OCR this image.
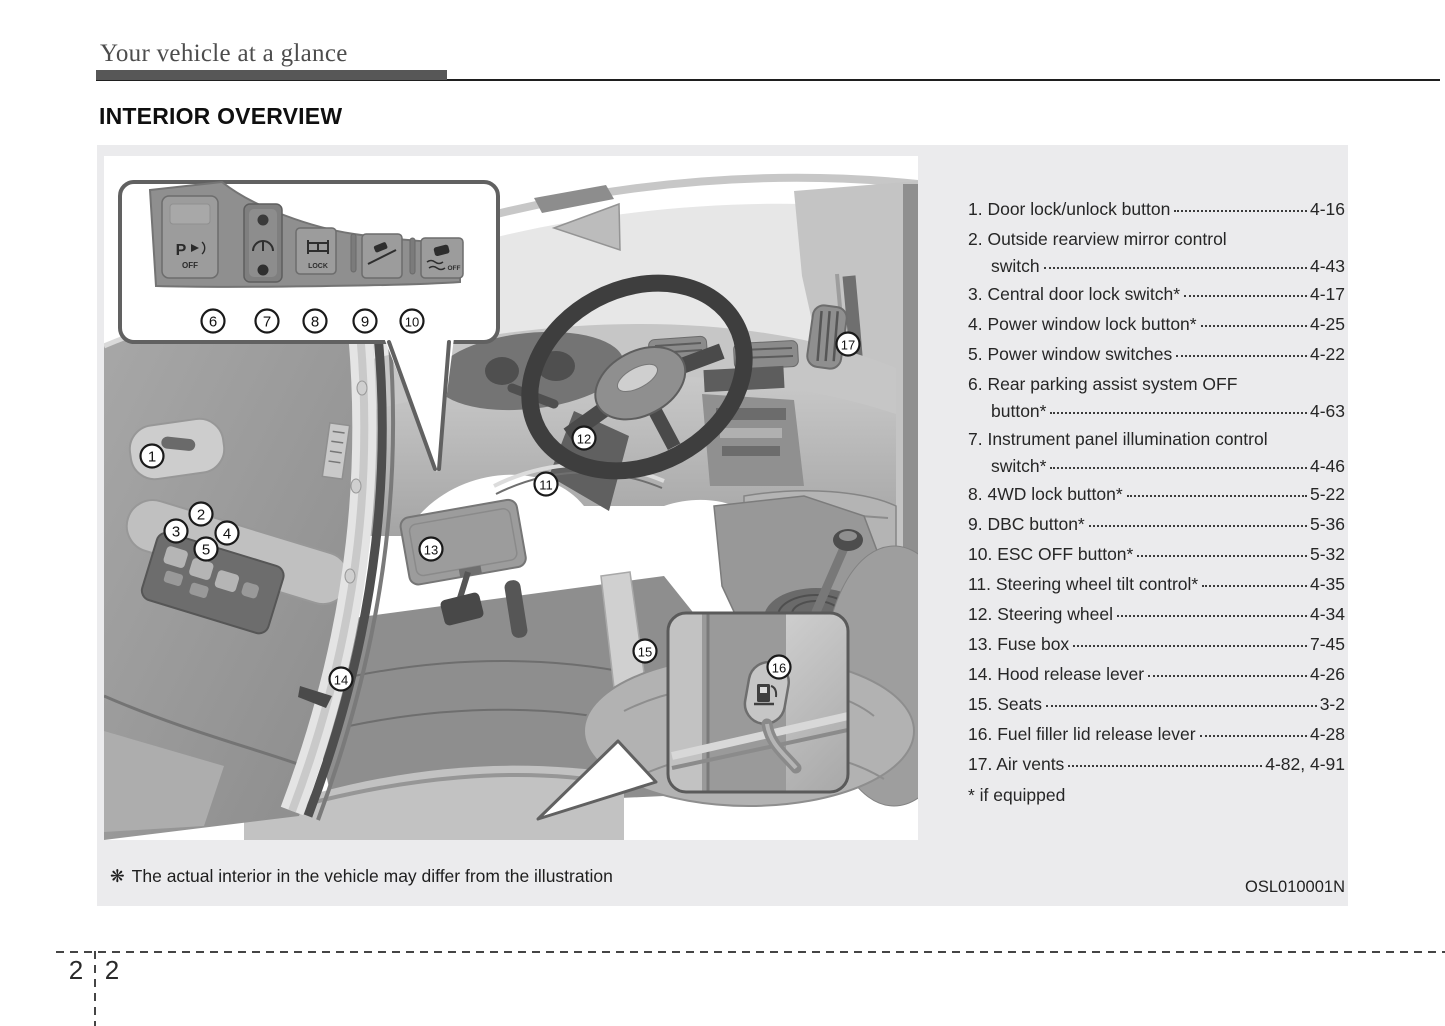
Your vehicle at a glance
INTERIOR OVERVIEW
P
OFF	LOCK	OFF
1
2
3	4
5
6	7	8	9	10
11
12
13
14
15
16
17
1. Door lock/unlock button	4-16
2. Outside rearview mirror control
switch	4-43
3. Central door lock switch*	4-17
4. Power window lock button*	4-25
5. Power window switches	4-22
6. Rear parking assist system OFF
button*	4-63
7. Instrument panel illumination control
switch*	4-46
8. 4WD lock button*	5-22
9. DBC button*	5-36
10. ESC OFF button*	5-32
11. Steering wheel tilt control*	4-35
12. Steering wheel	4-34
13. Fuse box	7-45
14. Hood release lever	4-26
15. Seats	3-2
16. Fuel filler lid release lever	4-28
17. Air vents	4-82, 4-91
* if equipped
❋ The actual interior in the vehicle may differ from the illustration
OSL010001N
2 2
